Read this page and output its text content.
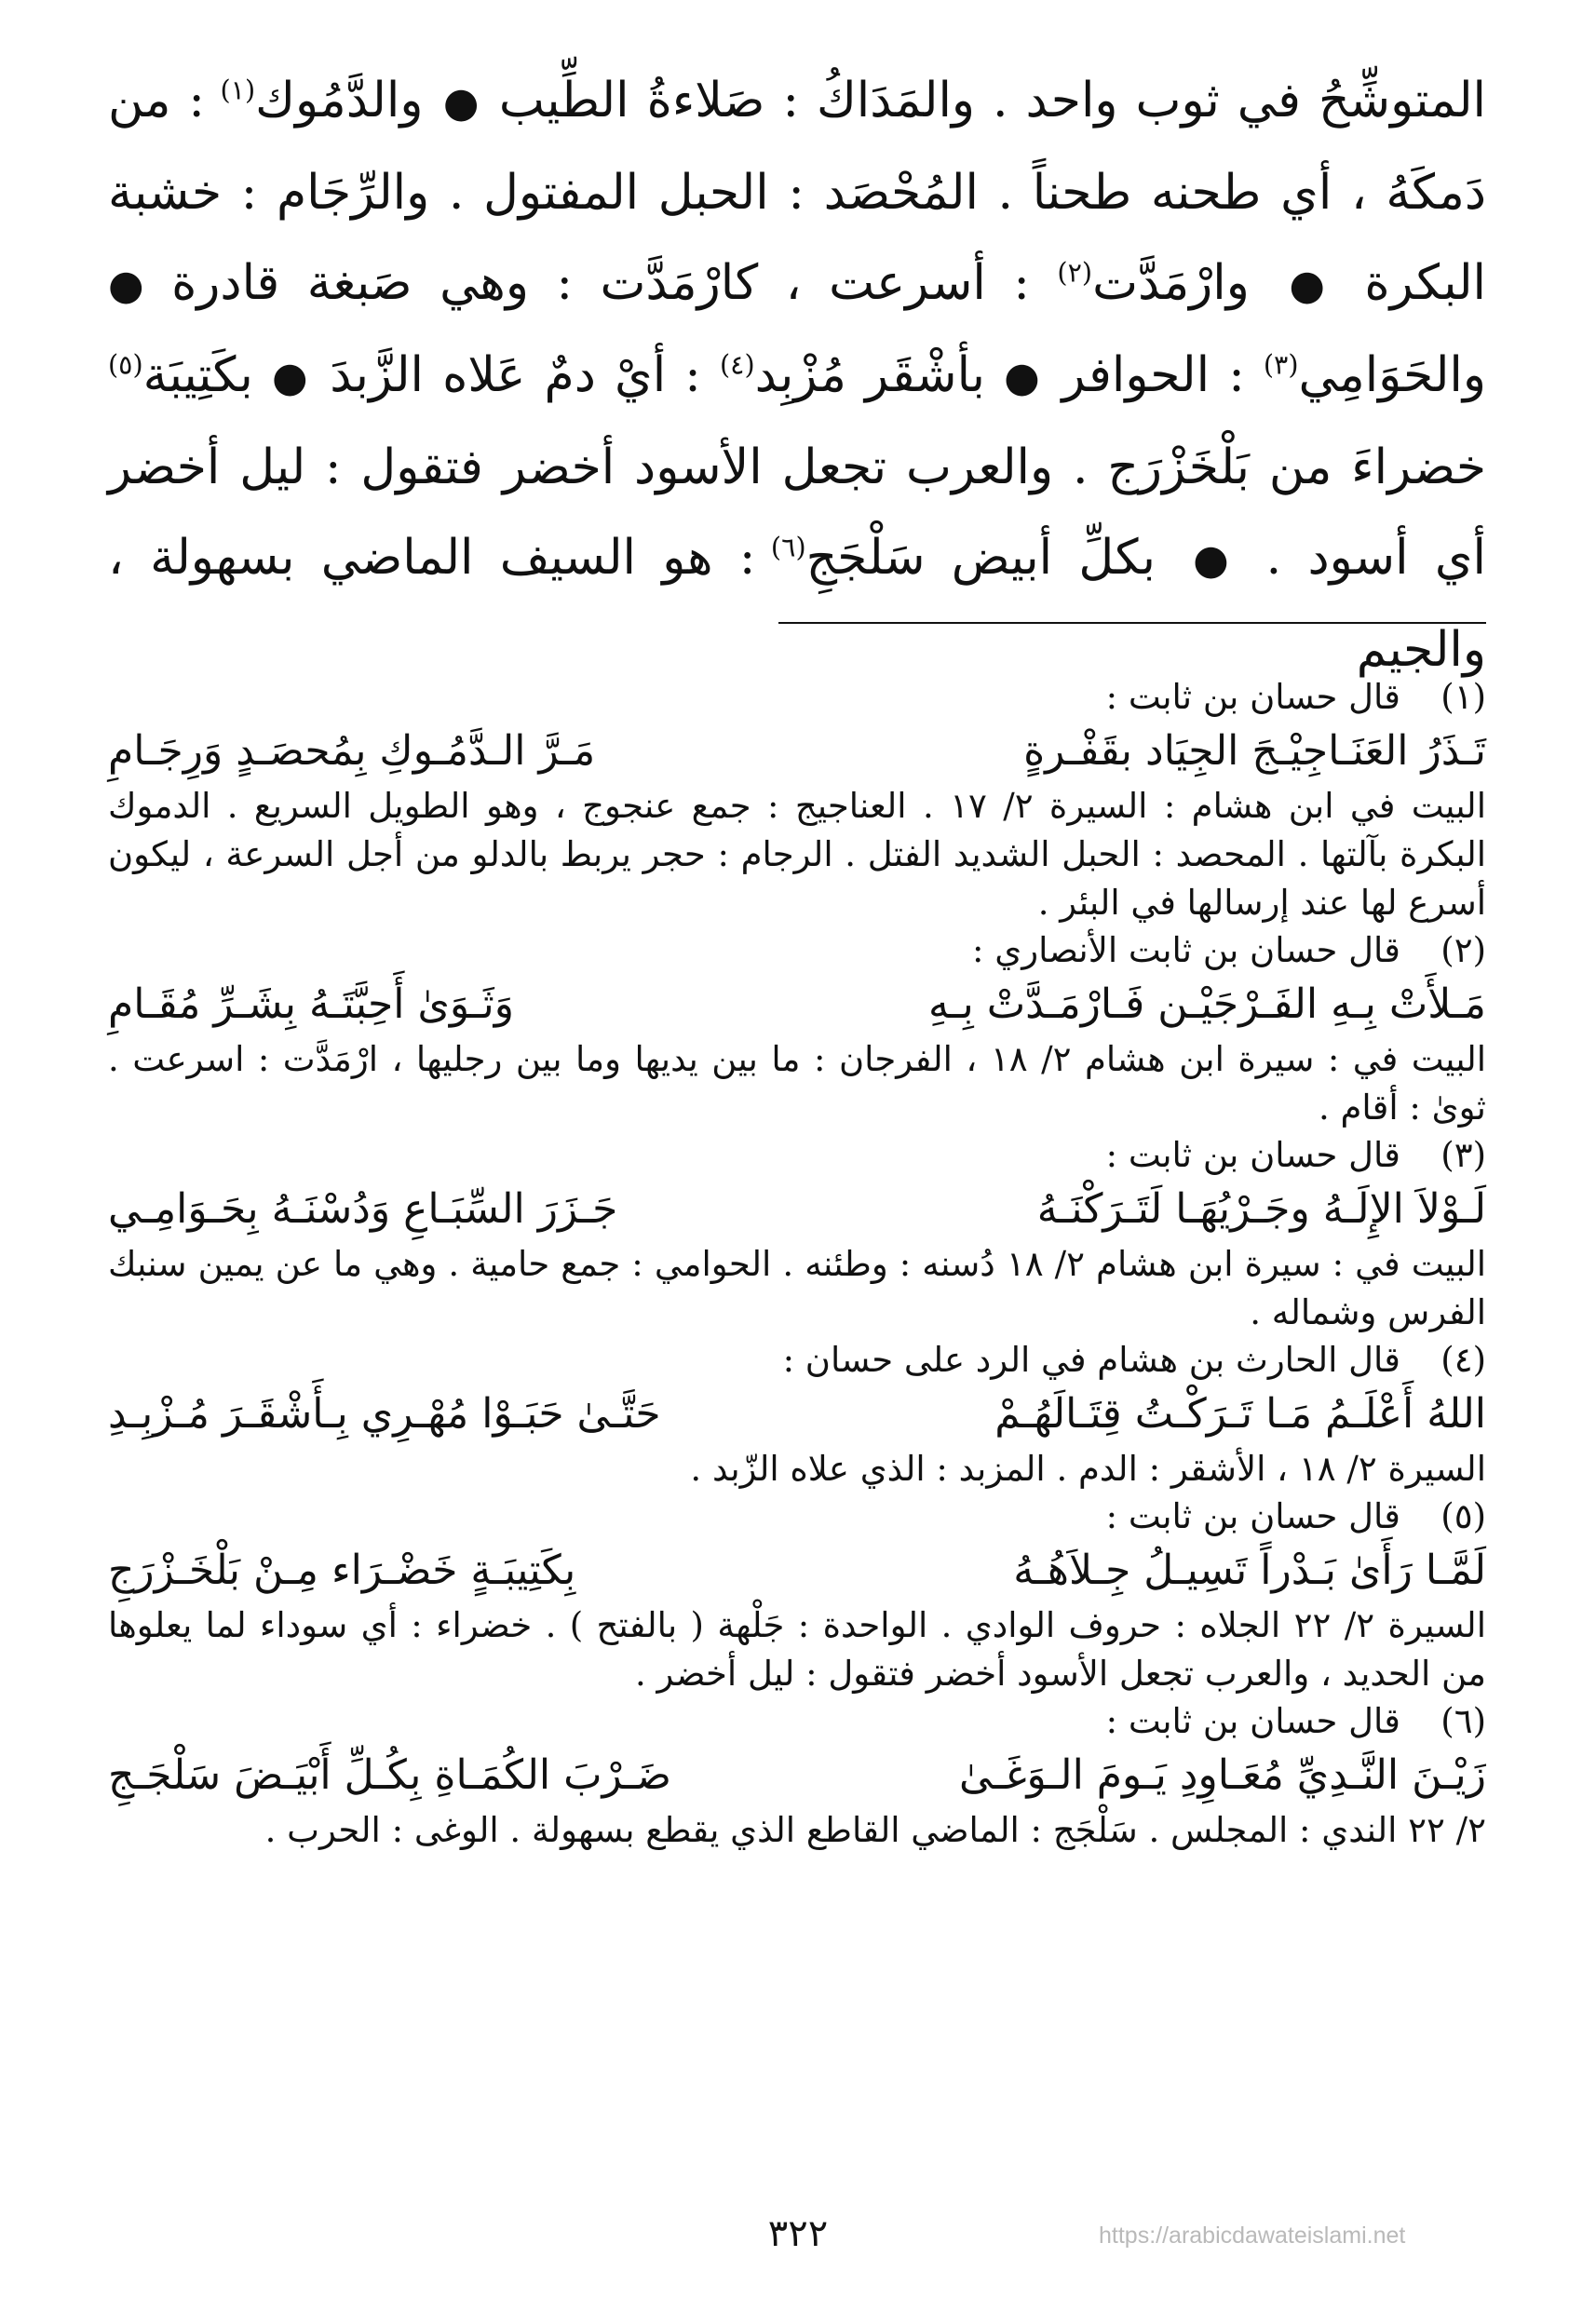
المتوشِّحُ في ثوب واحد . والمَدَاكُ : صَلاءةُ الطِّيب ● والدَّمُوك$^{(١)}$ : من دَمكَهُ ، أي طحنه طحناً . المُحْصَد : الحبل المفتول . والرِّجَام : خشبة البكرة ● وارْمَدَّت$^{(٢)}$ : أسرعت ، كارْمَدَّت : وهي صَبغة قادرة ● والحَوَامِي$^{(٣)}$ : الحوافر ● بأشْقَر مُزْبِد$^{(٤)}$ : أيْ دمٌ عَلاه الزَّبدَ ● بكَتِيبَة$^{(٥)}$ خضراءَ من بَلْخَزْرَج . والعرب تجعل الأسود أخضر فتقول : ليل أخضر أي أسود . ● بكلِّ أبيض سَلْجَجِ$^{(٦)}$ : هو السيف الماضي بسهولة ، والجيم
(١)
قال حسان بن ثابت :
تَـذَرُ العَنَـاجِيْـجَ الجِيَاد بقَفْـرةٍ
مَـرَّ الـدَّمُـوكِ بِمُحصَـدٍ وَرِجَـامِ
البيت في ابن هشام : السيرة ٢/ ١٧ . العناجيج : جمع عنجوج ، وهو الطويل السريع . الدموك البكرة بآلتها . المحصد : الحبل الشديد الفتل . الرجام : حجر يربط بالدلو من أجل السرعة ، ليكون أسرع لها عند إرسالها في البئر .
(٢)
قال حسان بن ثابت الأنصاري :
مَـلأَتْ بِـهِ الفَـرْجَيْـن فَـارْمَـدَّتْ بِـهِ
وَثَـوَىٰ أَحِبَّتَـهُ بِشَـرِّ مُقَـامِ
البيت في : سيرة ابن هشام ٢/ ١٨ ، الفرجان : ما بين يديها وما بين رجليها ، ارْمَدَّت : اسرعت . ثوىٰ : أقام .
(٣)
قال حسان بن ثابت :
لَـوْلاَ الإِلَـهُ وجَـرْيُهَـا لَتَـرَكْنَـهُ
جَـزَرَ السِّبَـاعِ وَدُسْنَـهُ بِحَـوَامِـي
البيت في : سيرة ابن هشام ٢/ ١٨ دُسنه : وطئنه . الحوامي : جمع حامية . وهي ما عن يمين سنبك الفرس وشماله .
(٤)
قال الحارث بن هشام في الرد على حسان :
اللهُ أَعْلَـمُ مَـا تَـرَكْـتُ قِتَـالَهُـمْ
حَتَّـىٰ حَبَـوْا مُهْـرِي بِـأَشْقَـرَ مُـزْبِـدِ
السيرة ٢/ ١٨ ، الأشقر : الدم . المزبد : الذي علاه الزّبد .
(٥)
قال حسان بن ثابت :
لَمَّـا رَأَىٰ بَـدْراً تَسِيـلُ جِـلاَهُـهُ
بِكَتِيبَـةٍ خَضْـرَاء مِـنْ بَلْخَـزْرَجِ
السيرة ٢/ ٢٢ الجلاه : حروف الوادي . الواحدة : جَلْهة ( بالفتح ) . خضراء : أي سوداء لما يعلوها من الحديد ، والعرب تجعل الأسود أخضر فتقول : ليل أخضر .
(٦)
قال حسان بن ثابت :
زَيْـنَ النَّـدِيِّ مُعَـاوِدِ يَـومَ الـوَغَـىٰ
ضَـرْبَ الكُمَـاةِ بِكُـلِّ أَبْيَـضَ سَلْجَـجِ
٢/ ٢٢ الندي : المجلس . سَلْجَج : الماضي القاطع الذي يقطع بسهولة . الوغى : الحرب .
https://arabicdawateislami.net
٣٢٢
